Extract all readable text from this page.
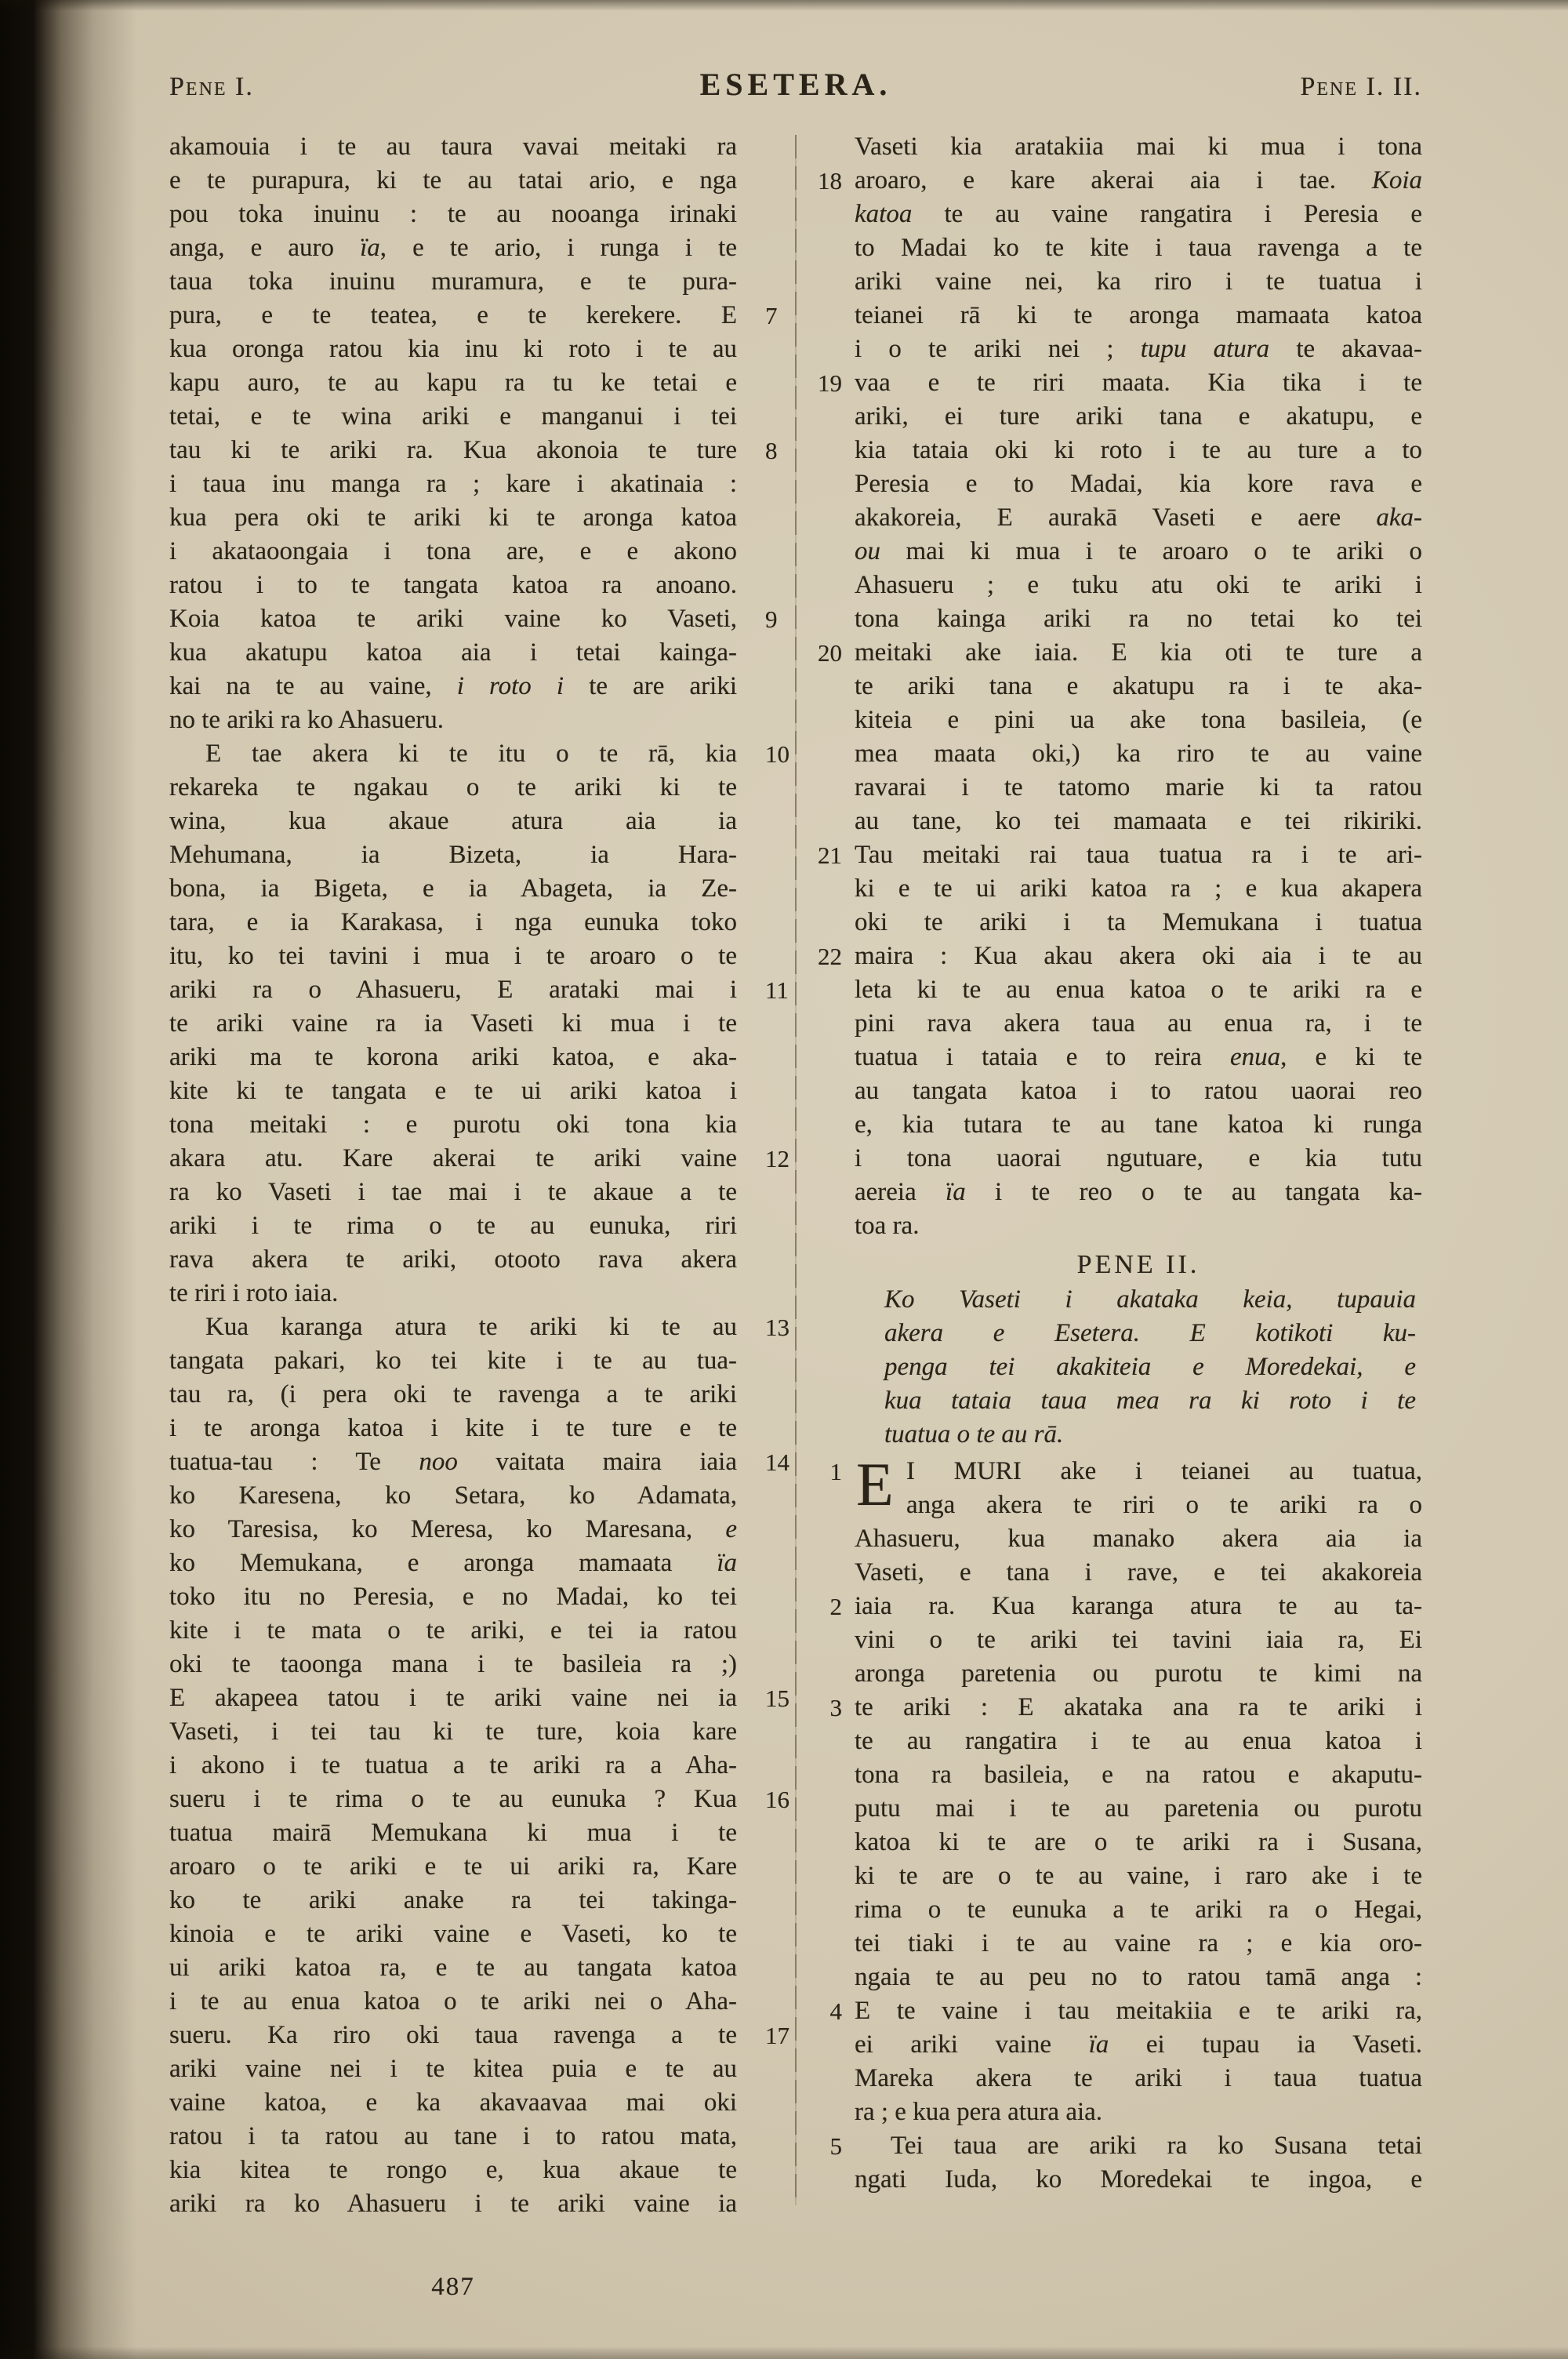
Pene I.	ESETERA.	Pene I. II.
akamouia i te au taura vavai meitaki ra
e te purapura, ki te au tatai ario, e nga
pou toka inuinu : te au nooanga irinaki
anga, e auro ïa, e te ario, i runga i te
taua toka inuinu muramura, e te pura-
7
pura, e te teatea, e te kerekere. E
kua oronga ratou kia inu ki roto i te au
kapu auro, te au kapu ra tu ke tetai e
tetai, e te wina ariki e manganui i tei
8
tau ki te ariki ra. Kua akonoia te ture
i taua inu manga ra ; kare i akatinaia :
kua pera oki te ariki ki te aronga katoa
i akataoongaia i tona are, e e akono
ratou i to te tangata katoa ra anoano.
9
Koia katoa te ariki vaine ko Vaseti,
kua akatupu katoa aia i tetai kainga-
kai na te au vaine, i roto i te are ariki
no te ariki ra ko Ahasueru.
10
E tae akera ki te itu o te rā, kia
rekareka te ngakau o te ariki ki te
wina, kua akaue atura aia ia
Mehumana, ia Bizeta, ia Hara-
bona, ia Bigeta, e ia Abageta, ia Ze-
tara, e ia Karakasa, i nga eunuka toko
itu, ko tei tavini i mua i te aroaro o te
11
ariki ra o Ahasueru, E arataki mai i
te ariki vaine ra ia Vaseti ki mua i te
ariki ma te korona ariki katoa, e aka-
kite ki te tangata e te ui ariki katoa i
tona meitaki : e purotu oki tona kia
12
akara atu. Kare akerai te ariki vaine
ra ko Vaseti i tae mai i te akaue a te
ariki i te rima o te au eunuka, riri
rava akera te ariki, otooto rava akera
te riri i roto iaia.
13
Kua karanga atura te ariki ki te au
tangata pakari, ko tei kite i te au tua-
tau ra, (i pera oki te ravenga a te ariki
i te aronga katoa i kite i te ture e te
14
tuatua-tau : Te noo vaitata maira iaia
ko Karesena, ko Setara, ko Adamata,
ko Taresisa, ko Meresa, ko Maresana, e
ko Memukana, e aronga mamaata ïa
toko itu no Peresia, e no Madai, ko tei
kite i te mata o te ariki, e tei ia ratou
oki te taoonga mana i te basileia ra ;)
15
E akapeea tatou i te ariki vaine nei ia
Vaseti, i tei tau ki te ture, koia kare
i akono i te tuatua a te ariki ra a Aha-
16
sueru i te rima o te au eunuka ? Kua
tuatua mairā Memukana ki mua i te
aroaro o te ariki e te ui ariki ra, Kare
ko te ariki anake ra tei takinga-
kinoia e te ariki vaine e Vaseti, ko te
ui ariki katoa ra, e te au tangata katoa
i te au enua katoa o te ariki nei o Aha-
17
sueru. Ka riro oki taua ravenga a te
ariki vaine nei i te kitea puia e te au
vaine katoa, e ka akavaavaa mai oki
ratou i ta ratou au tane i to ratou mata,
kia kitea te rongo e, kua akaue te
ariki ra ko Ahasueru i te ariki vaine ia
Vaseti kia aratakiia mai ki mua i tona
18 aroaro, e kare akerai aia i tae. Koia
katoa te au vaine rangatira i Peresia e
to Madai ko te kite i taua ravenga a te
ariki vaine nei, ka riro i te tuatua i
teianei rā ki te aronga mamaata katoa
i o te ariki nei ; tupu atura te akavaa-
19 vaa e te riri maata. Kia tika i te
ariki, ei ture ariki tana e akatupu, e
kia tataia oki ki roto i te au ture a to
Peresia e to Madai, kia kore rava e
akakoreia, E aurakā Vaseti e aere aka-
ou mai ki mua i te aroaro o te ariki o
Ahasueru ; e tuku atu oki te ariki i
tona kainga ariki ra no tetai ko tei
20 meitaki ake iaia. E kia oti te ture a
te ariki tana e akatupu ra i te aka-
kiteia e pini ua ake tona basileia, (e
mea maata oki,) ka riro te au vaine
ravarai i te tatomo marie ki ta ratou
au tane, ko tei mamaata e tei rikiriki.
21 Tau meitaki rai taua tuatua ra i te ari-
ki e te ui ariki katoa ra ; e kua akapera
oki te ariki i ta Memukana i tuatua
22 maira : Kua akau akera oki aia i te au
leta ki te au enua katoa o te ariki ra e
pini rava akera taua au enua ra, i te
tuatua i tataia e to reira enua, e ki te
au tangata katoa i to ratou uaorai reo
e, kia tutara te au tane katoa ki runga
i tona uaorai ngutuare, e kia tutu
aereia ïa i te reo o te au tangata ka-
toa ra.
PENE II.
Ko Vaseti i akataka keia, tupauia
akera e Esetera. E kotikoti ku-
penga tei akakiteia e Moredekai, e
kua tataia taua mea ra ki roto i te
tuatua o te au rā.
1 E I MURI ake i teianei au tuatua,
anga akera te riri o te ariki ra o
Ahasueru, kua manako akera aia ia
Vaseti, e tana i rave, e tei akakoreia
2 iaia ra. Kua karanga atura te au ta-
vini o te ariki tei tavini iaia ra, Ei
aronga paretenia ou purotu te kimi na
3 te ariki : E akataka ana ra te ariki i
te au rangatira i te au enua katoa i
tona ra basileia, e na ratou e akaputu-
putu mai i te au paretenia ou purotu
katoa ki te are o te ariki ra i Susana,
ki te are o te au vaine, i raro ake i te
rima o te eunuka a te ariki ra o Hegai,
tei tiaki i te au vaine ra ; e kia oro-
ngaia te au peu no to ratou tamā anga :
4 E te vaine i tau meitakiia e te ariki ra,
ei ariki vaine ïa ei tupau ia Vaseti.
Mareka akera te ariki i taua tuatua
ra ; e kua pera atura aia.
5	Tei taua are ariki ra ko Susana tetai
ngati Iuda, ko Moredekai te ingoa, e
487
